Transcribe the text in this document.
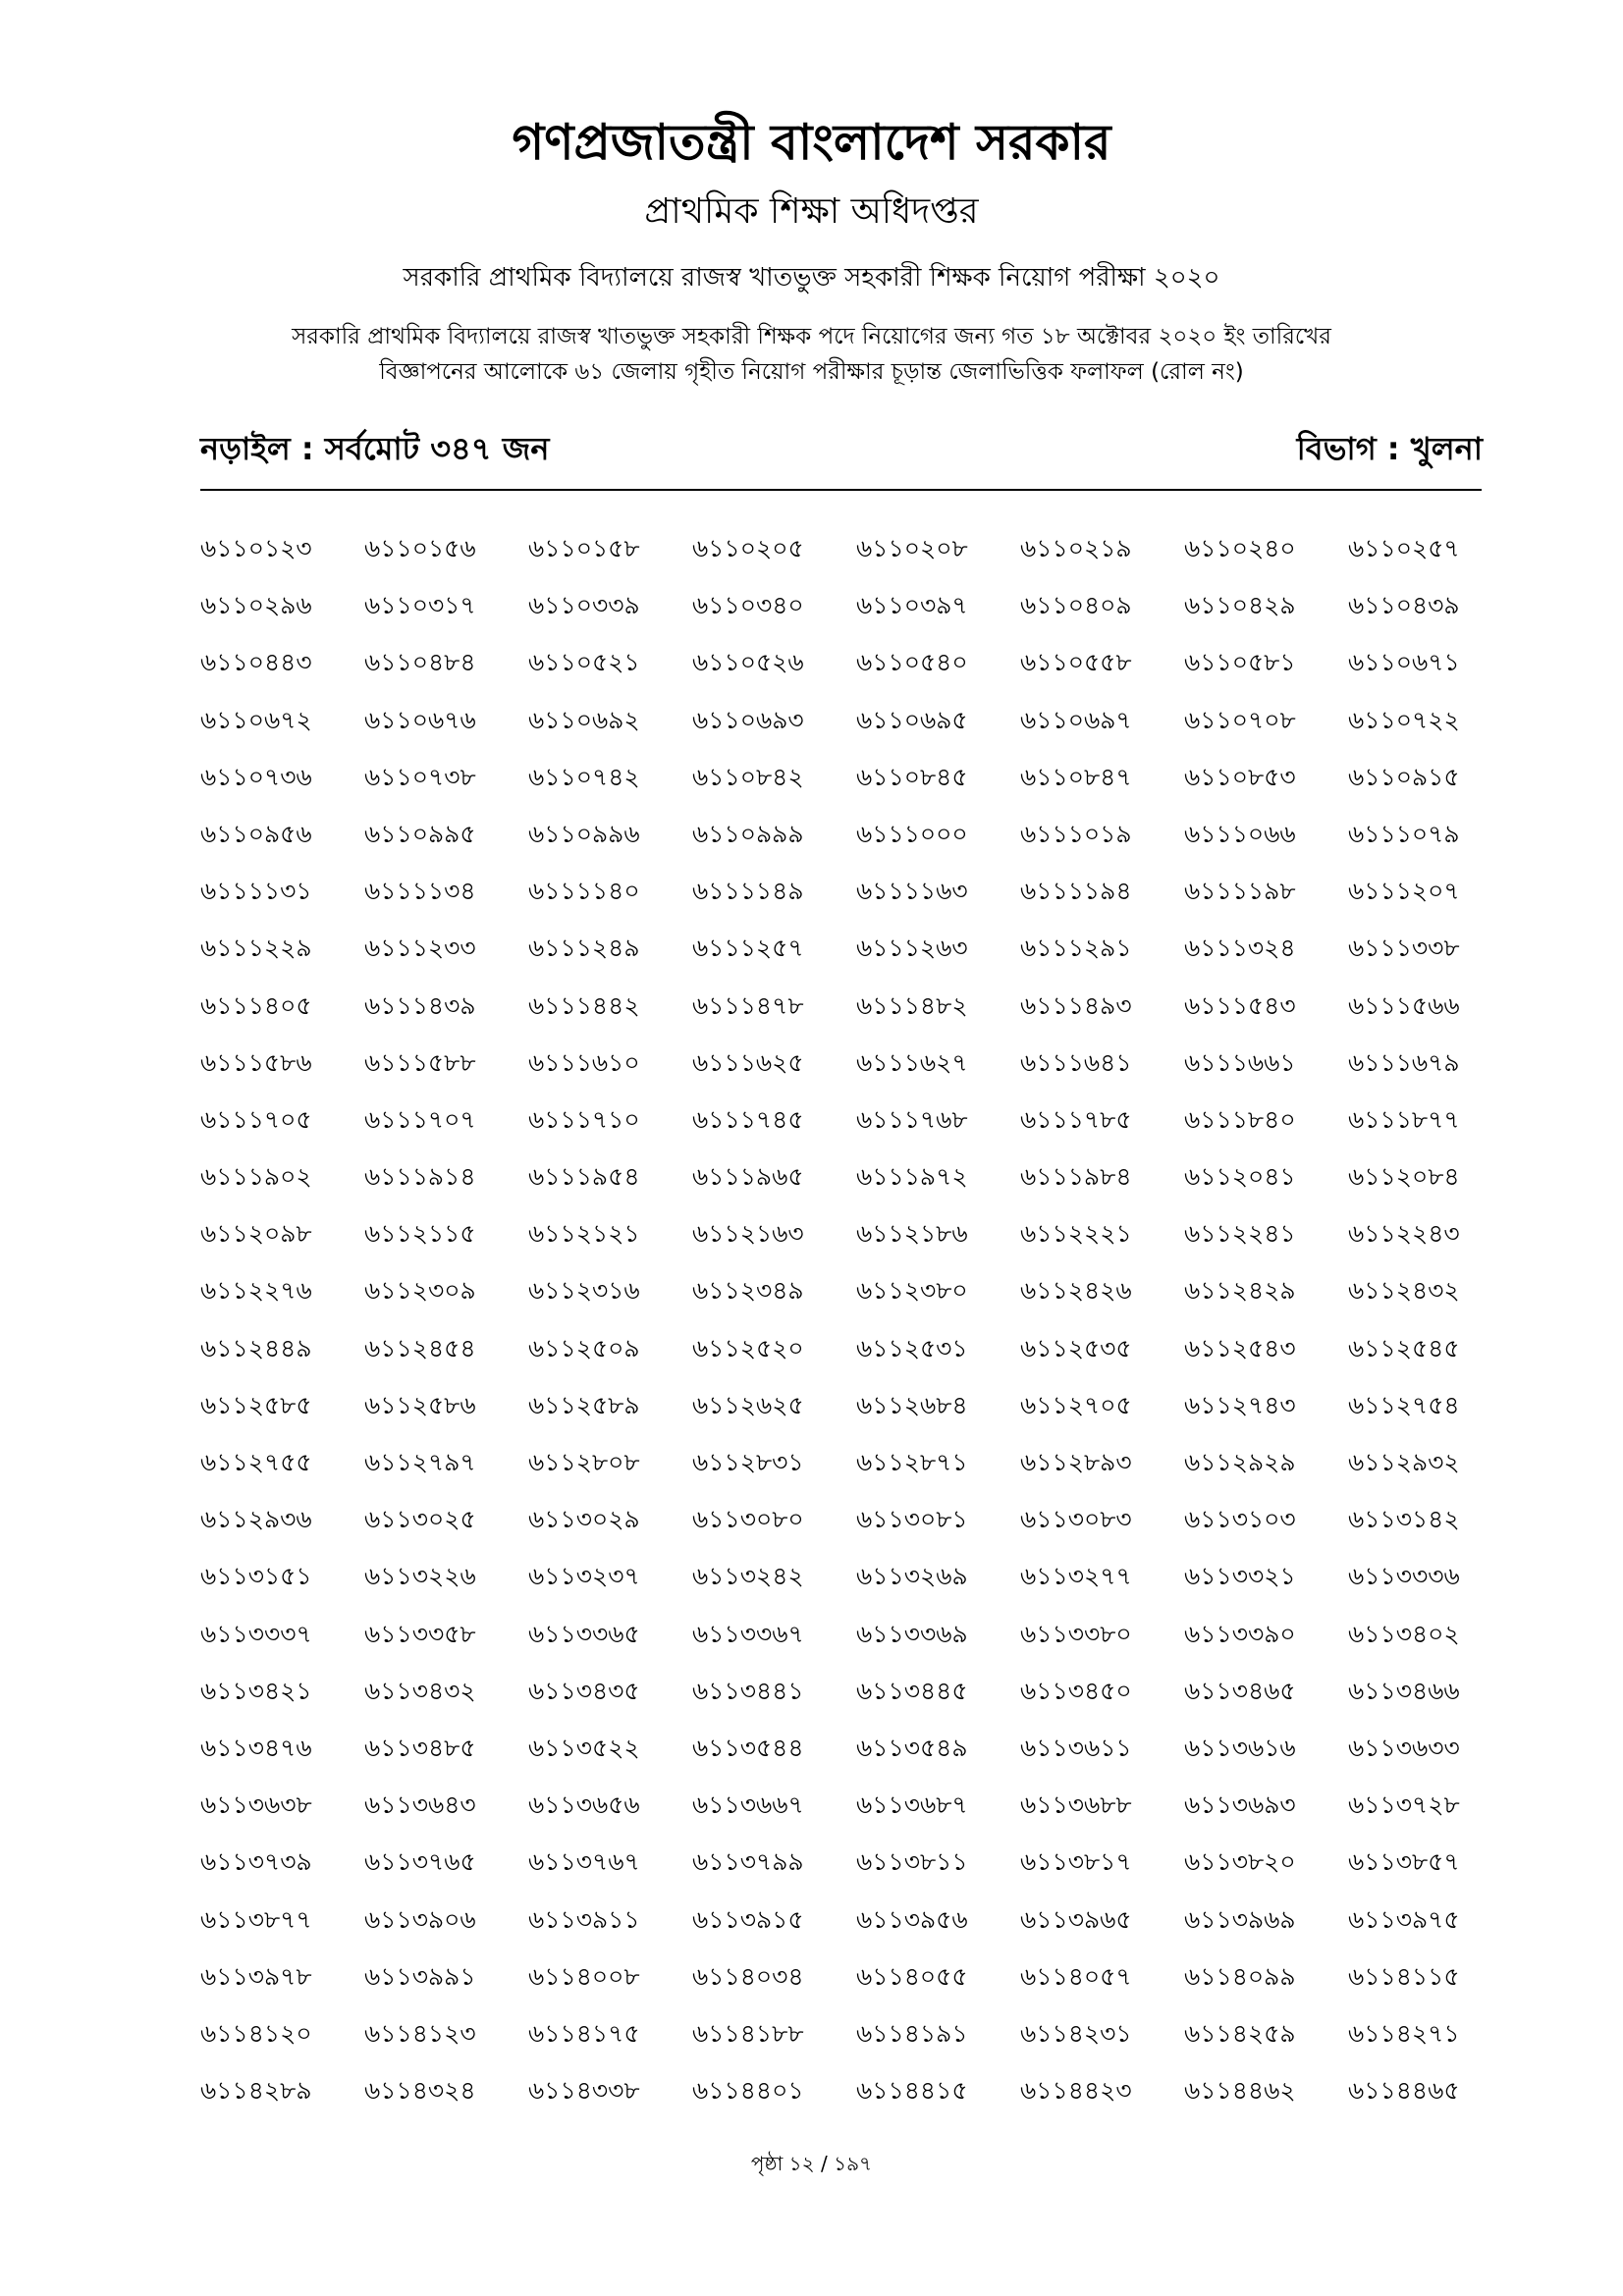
গণপ্রজাতন্ত্রী বাংলাদেশ সরকার
প্রাথমিক শিক্ষা অধিদপ্তর
সরকারি প্রাথমিক বিদ্যালয়ে রাজস্ব খাতভুক্ত সহকারী শিক্ষক নিয়োগ পরীক্ষা ২০২০
সরকারি প্রাথমিক বিদ্যালয়ে রাজস্ব খাতভুক্ত সহকারী শিক্ষক পদে নিয়োগের জন্য গত ১৮ অক্টোবর ২০২০ ইং তারিখের
বিজ্ঞাপনের আলোকে ৬১ জেলায় গৃহীত নিয়োগ পরীক্ষার চূড়ান্ত জেলাভিত্তিক ফলাফল (রোল নং)
নড়াইল : সর্বমোট ৩৪৭ জন	বিভাগ : খুলনা
৬১১০১২৩	৬১১০১৫৬	৬১১০১৫৮	৬১১০২০৫	৬১১০২০৮	৬১১০২১৯	৬১১০২৪০	৬১১০২৫৭
৬১১০২৯৬	৬১১০৩১৭	৬১১০৩৩৯	৬১১০৩৪০	৬১১০৩৯৭	৬১১০৪০৯	৬১১০৪২৯	৬১১০৪৩৯
৬১১০৪৪৩	৬১১০৪৮৪	৬১১০৫২১	৬১১০৫২৬	৬১১০৫৪০	৬১১০৫৫৮	৬১১০৫৮১	৬১১০৬৭১
৬১১০৬৭২	৬১১০৬৭৬	৬১১০৬৯২	৬১১০৬৯৩	৬১১০৬৯৫	৬১১০৬৯৭	৬১১০৭০৮	৬১১০৭২২
৬১১০৭৩৬	৬১১০৭৩৮	৬১১০৭৪২	৬১১০৮৪২	৬১১০৮৪৫	৬১১০৮৪৭	৬১১০৮৫৩	৬১১০৯১৫
৬১১০৯৫৬	৬১১০৯৯৫	৬১১০৯৯৬	৬১১০৯৯৯	৬১১১০০০	৬১১১০১৯	৬১১১০৬৬	৬১১১০৭৯
৬১১১১৩১	৬১১১১৩৪	৬১১১১৪০	৬১১১১৪৯	৬১১১১৬৩	৬১১১১৯৪	৬১১১১৯৮	৬১১১২০৭
৬১১১২২৯	৬১১১২৩৩	৬১১১২৪৯	৬১১১২৫৭	৬১১১২৬৩	৬১১১২৯১	৬১১১৩২৪	৬১১১৩৩৮
৬১১১৪০৫	৬১১১৪৩৯	৬১১১৪৪২	৬১১১৪৭৮	৬১১১৪৮২	৬১১১৪৯৩	৬১১১৫৪৩	৬১১১৫৬৬
৬১১১৫৮৬	৬১১১৫৮৮	৬১১১৬১০	৬১১১৬২৫	৬১১১৬২৭	৬১১১৬৪১	৬১১১৬৬১	৬১১১৬৭৯
৬১১১৭০৫	৬১১১৭০৭	৬১১১৭১০	৬১১১৭৪৫	৬১১১৭৬৮	৬১১১৭৮৫	৬১১১৮৪০	৬১১১৮৭৭
৬১১১৯০২	৬১১১৯১৪	৬১১১৯৫৪	৬১১১৯৬৫	৬১১১৯৭২	৬১১১৯৮৪	৬১১২০৪১	৬১১২০৮৪
৬১১২০৯৮	৬১১২১১৫	৬১১২১২১	৬১১২১৬৩	৬১১২১৮৬	৬১১২২২১	৬১১২২৪১	৬১১২২৪৩
৬১১২২৭৬	৬১১২৩০৯	৬১১২৩১৬	৬১১২৩৪৯	৬১১২৩৮০	৬১১২৪২৬	৬১১২৪২৯	৬১১২৪৩২
৬১১২৪৪৯	৬১১২৪৫৪	৬১১২৫০৯	৬১১২৫২০	৬১১২৫৩১	৬১১২৫৩৫	৬১১২৫৪৩	৬১১২৫৪৫
৬১১২৫৮৫	৬১১২৫৮৬	৬১১২৫৮৯	৬১১২৬২৫	৬১১২৬৮৪	৬১১২৭০৫	৬১১২৭৪৩	৬১১২৭৫৪
৬১১২৭৫৫	৬১১২৭৯৭	৬১১২৮০৮	৬১১২৮৩১	৬১১২৮৭১	৬১১২৮৯৩	৬১১২৯২৯	৬১১২৯৩২
৬১১২৯৩৬	৬১১৩০২৫	৬১১৩০২৯	৬১১৩০৮০	৬১১৩০৮১	৬১১৩০৮৩	৬১১৩১০৩	৬১১৩১৪২
৬১১৩১৫১	৬১১৩২২৬	৬১১৩২৩৭	৬১১৩২৪২	৬১১৩২৬৯	৬১১৩২৭৭	৬১১৩৩২১	৬১১৩৩৩৬
৬১১৩৩৩৭	৬১১৩৩৫৮	৬১১৩৩৬৫	৬১১৩৩৬৭	৬১১৩৩৬৯	৬১১৩৩৮০	৬১১৩৩৯০	৬১১৩৪০২
৬১১৩৪২১	৬১১৩৪৩২	৬১১৩৪৩৫	৬১১৩৪৪১	৬১১৩৪৪৫	৬১১৩৪৫০	৬১১৩৪৬৫	৬১১৩৪৬৬
৬১১৩৪৭৬	৬১১৩৪৮৫	৬১১৩৫২২	৬১১৩৫৪৪	৬১১৩৫৪৯	৬১১৩৬১১	৬১১৩৬১৬	৬১১৩৬৩৩
৬১১৩৬৩৮	৬১১৩৬৪৩	৬১১৩৬৫৬	৬১১৩৬৬৭	৬১১৩৬৮৭	৬১১৩৬৮৮	৬১১৩৬৯৩	৬১১৩৭২৮
৬১১৩৭৩৯	৬১১৩৭৬৫	৬১১৩৭৬৭	৬১১৩৭৯৯	৬১১৩৮১১	৬১১৩৮১৭	৬১১৩৮২০	৬১১৩৮৫৭
৬১১৩৮৭৭	৬১১৩৯০৬	৬১১৩৯১১	৬১১৩৯১৫	৬১১৩৯৫৬	৬১১৩৯৬৫	৬১১৩৯৬৯	৬১১৩৯৭৫
৬১১৩৯৭৮	৬১১৩৯৯১	৬১১৪০০৮	৬১১৪০৩৪	৬১১৪০৫৫	৬১১৪০৫৭	৬১১৪০৯৯	৬১১৪১১৫
৬১১৪১২০	৬১১৪১২৩	৬১১৪১৭৫	৬১১৪১৮৮	৬১১৪১৯১	৬১১৪২৩১	৬১১৪২৫৯	৬১১৪২৭১
৬১১৪২৮৯	৬১১৪৩২৪	৬১১৪৩৩৮	৬১১৪৪০১	৬১১৪৪১৫	৬১১৪৪২৩	৬১১৪৪৬২	৬১১৪৪৬৫
পৃষ্ঠা ১২ / ১৯৭
